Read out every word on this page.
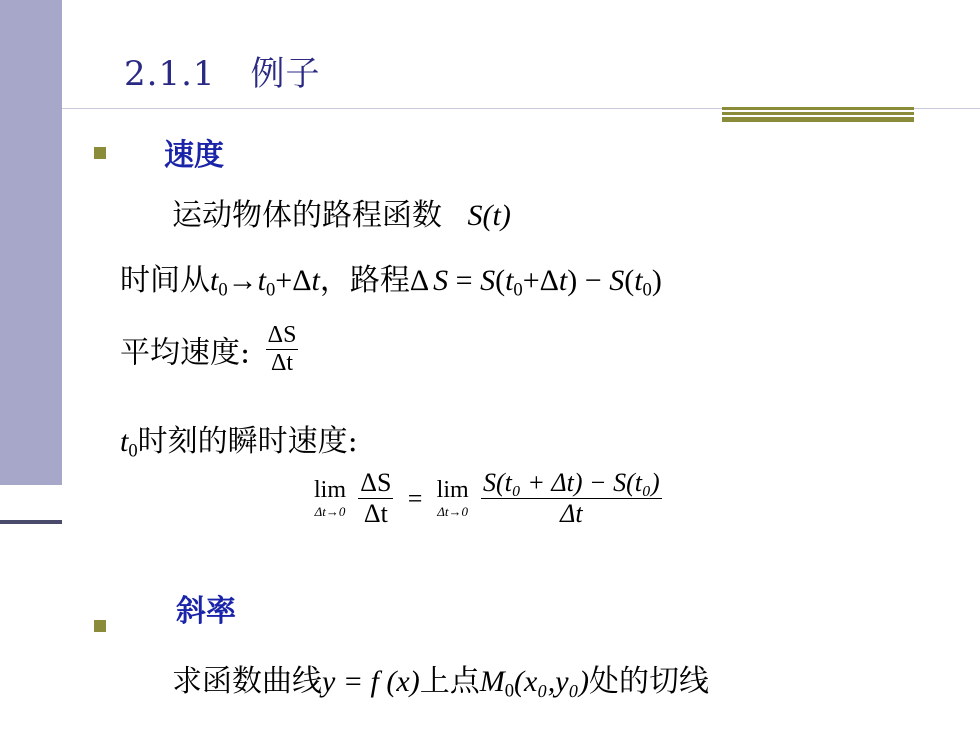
2.1.1　例子
速度
运动物体的路程函数 S(t)
时间从$t_0\to t_0+\Delta t$，路程Δ $S = S(t_0+\Delta t) - S(t_0)$
平均速度: $\frac{\Delta S}{\Delta t}$
$t_0$时刻的瞬时速度:
lim
Δt→0
$\frac{\Delta S}{\Delta t} = \lim$
Δt→0
$\frac{\text{S(t₀ + Δt) − S(t₀)}}{\Delta t}$
斜率
求函数曲线y = f (x)上点$M_0(x_0,y_0)$处的切线
